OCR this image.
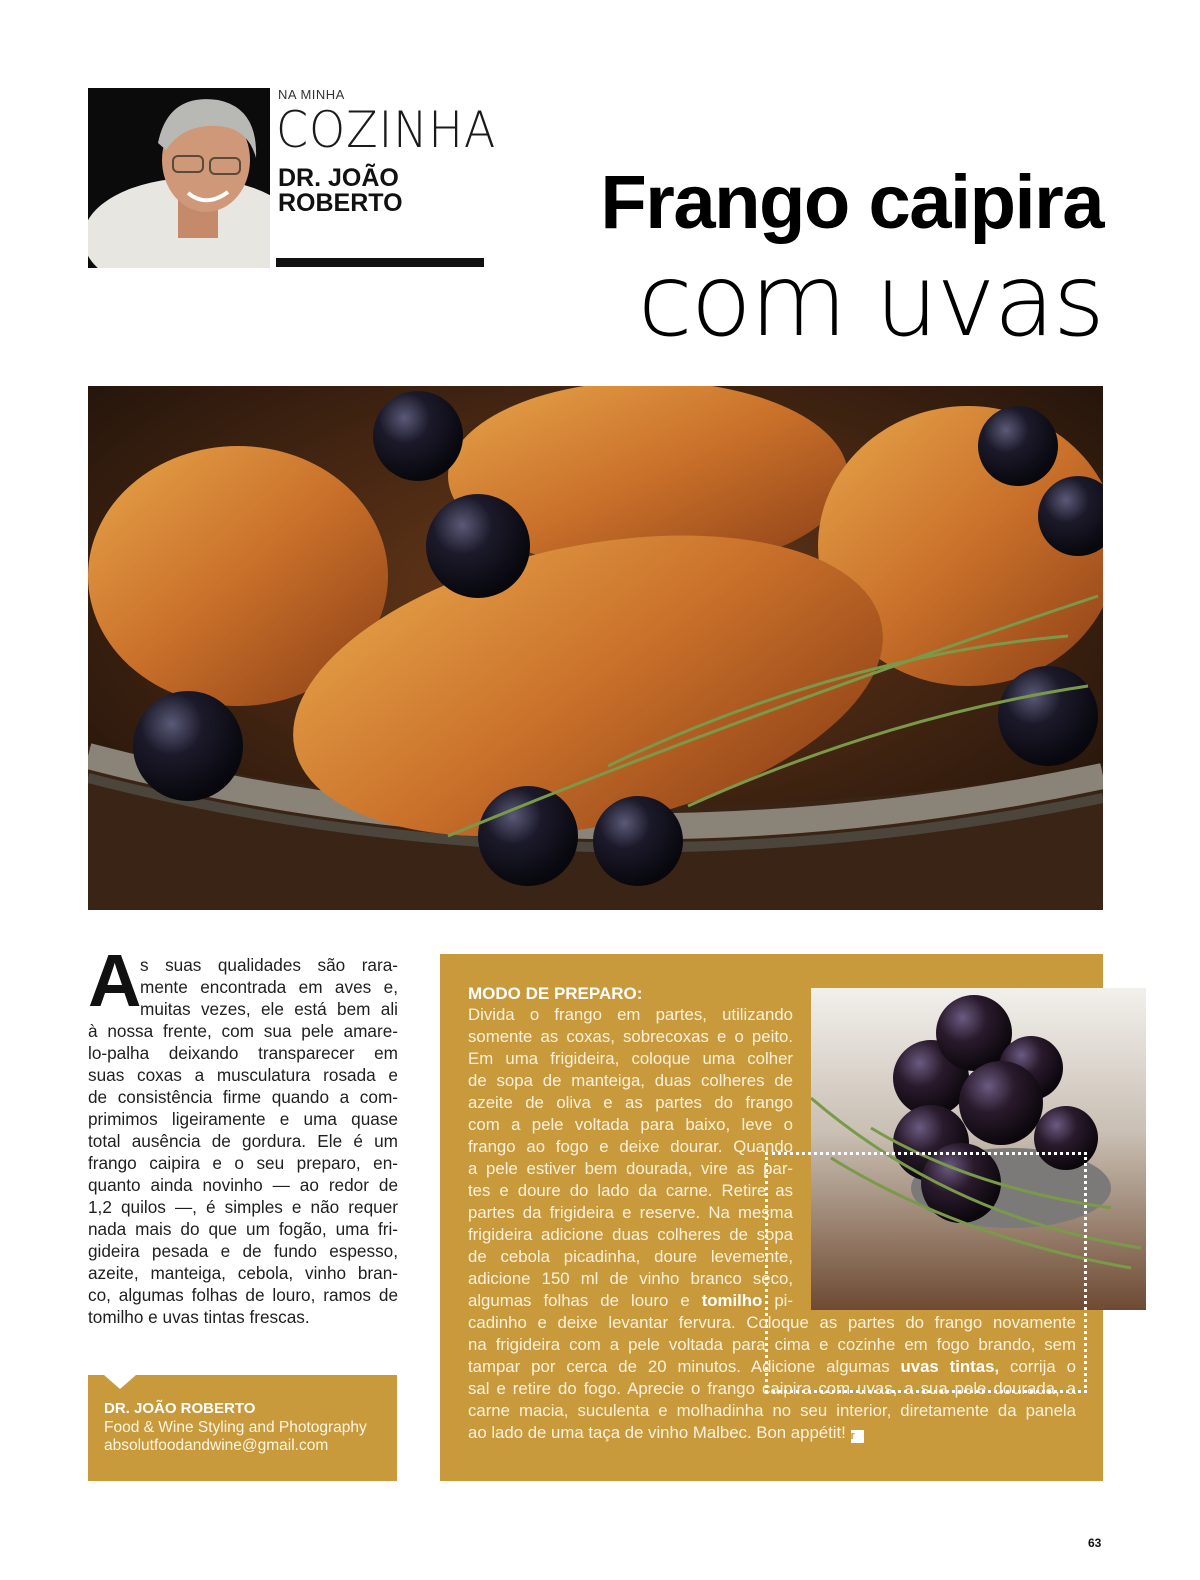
NA MINHA
COZINHA
DR. JOÃO
ROBERTO	Frango caipira
com uvas
A
s suas qualidades são rara-
mente encontrada em aves e,
muitas vezes, ele está bem ali
à nossa frente, com sua pele amare-
lo-palha deixando transparecer em
suas coxas a musculatura rosada e
de consistência firme quando a com-
primimos ligeiramente e uma quase
total ausência de gordura. Ele é um
frango caipira e o seu preparo, en-
quanto ainda novinho — ao redor de
1,2 quilos —, é simples e não requer
nada mais do que um fogão, uma fri-
gideira pesada e de fundo espesso,
azeite, manteiga, cebola, vinho bran-
co, algumas folhas de louro, ramos de
tomilho e uvas tintas frescas.
DR. JOÃO ROBERTO
Food & Wine Styling and Photography
absolutfoodandwine@gmail.com
MODO DE PREPARO:
Divida o frango em partes, utilizando
somente as coxas, sobrecoxas e o peito.
Em uma frigideira, coloque uma colher
de sopa de manteiga, duas colheres de
azeite de oliva e as partes do frango
com a pele voltada para baixo, leve o
frango ao fogo e deixe dourar. Quando
a pele estiver bem dourada, vire as par-
tes e doure do lado da carne. Retire as
partes da frigideira e reserve. Na mesma
frigideira adicione duas colheres de sopa
de cebola picadinha, doure levemente,
adicione 150 ml de vinho branco seco,
algumas folhas de louro e tomilho pi-
cadinho e deixe levantar fervura. Coloque as partes do frango novamente
na frigideira com a pele voltada para cima e cozinhe em fogo brando, sem
tampar por cerca de 20 minutos. Adicione algumas uvas tintas, corrija o
sal e retire do fogo. Aprecie o frango caipira com uvas, a sua pele dourada, a
carne macia, suculenta e molhadinha no seu interior, diretamente da panela
ao lado de uma taça de vinho Malbec. Bon appétit! r
63
